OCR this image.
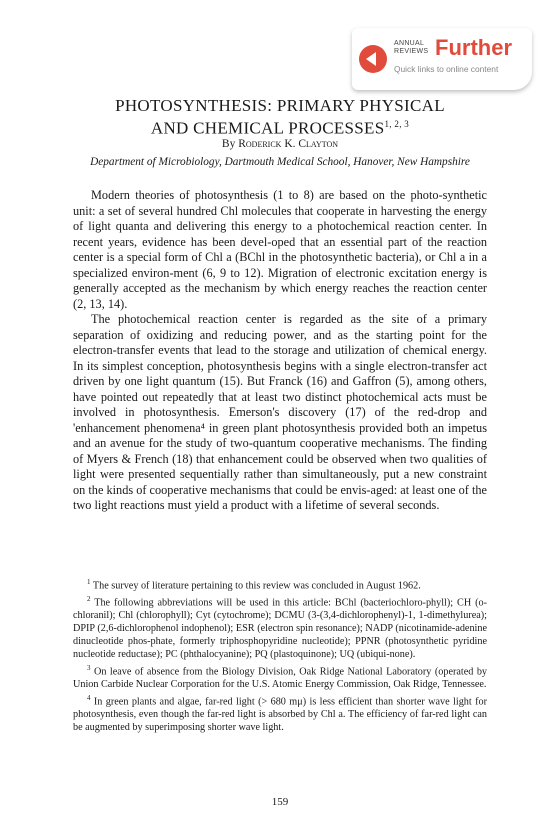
ANNUAL
REVIEWS Further
Quick links to online content
PHOTOSYNTHESIS: PRIMARY PHYSICAL
AND CHEMICAL PROCESSES$^{1, 2, 3}$
By Roderick K. Clayton
Department of Microbiology, Dartmouth Medical School, Hanover, New Hampshire

Modern theories of photosynthesis (1 to 8) are based on the photo-synthetic unit: a set of several hundred Chl molecules that cooperate in harvesting the energy of light quanta and delivering this energy to a photochemical reaction center. In recent years, evidence has been devel-oped that an essential part of the reaction center is a special form of Chl a (BChl in the photosynthetic bacteria), or Chl a in a specialized environ-ment (6, 9 to 12). Migration of electronic excitation energy is generally accepted as the mechanism by which energy reaches the reaction center (2, 13, 14).

The photochemical reaction center is regarded as the site of a primary separation of oxidizing and reducing power, and as the starting point for the electron-transfer events that lead to the storage and utilization of chemical energy. In its simplest conception, photosynthesis begins with a single electron-transfer act driven by one light quantum (15). But Franck (16) and Gaffron (5), among others, have pointed out repeatedly that at least two distinct photochemical acts must be involved in photosynthesis. Emerson's discovery (17) of the red-drop and 'enhancement phenomena⁴ in green plant photosynthesis provided both an impetus and an avenue for the study of two-quantum cooperative mechanisms. The finding of Myers & French (18) that enhancement could be observed when two qualities of light were presented sequentially rather than simultaneously, put a new constraint on the kinds of cooperative mechanisms that could be envis-aged: at least one of the two light reactions must yield a product with a lifetime of several seconds.

$^1$ The survey of literature pertaining to this review was concluded in August 1962.

$^2$ The following abbreviations will be used in this article: BChl (bacteriochloro-phyll); CH (o-chloranil); Chl (chlorophyll); Cyt (cytochrome); DCMU (3-(3,4-dichlorophenyl)-1, 1-dimethylurea); DPIP (2,6-dichlorophenol indophenol); ESR (electron spin resonance); NADP (nicotinamide-adenine dinucleotide phos-phate, formerly triphosphopyridine nucleotide); PPNR (photosynthetic pyridine nucleotide reductase); PC (phthalocyanine); PQ (plastoquinone); UQ (ubiqui-none).

$^3$ On leave of absence from the Biology Division, Oak Ridge National Laboratory (operated by Union Carbide Nuclear Corporation for the U.S. Atomic Energy Commission, Oak Ridge, Tennessee.

$^4$ In green plants and algae, far-red light (> 680 mμ) is less efficient than shorter wave light for photosynthesis, even though the far-red light is absorbed by Chl a. The efficiency of far-red light can be augmented by superimposing shorter wave light.

159
